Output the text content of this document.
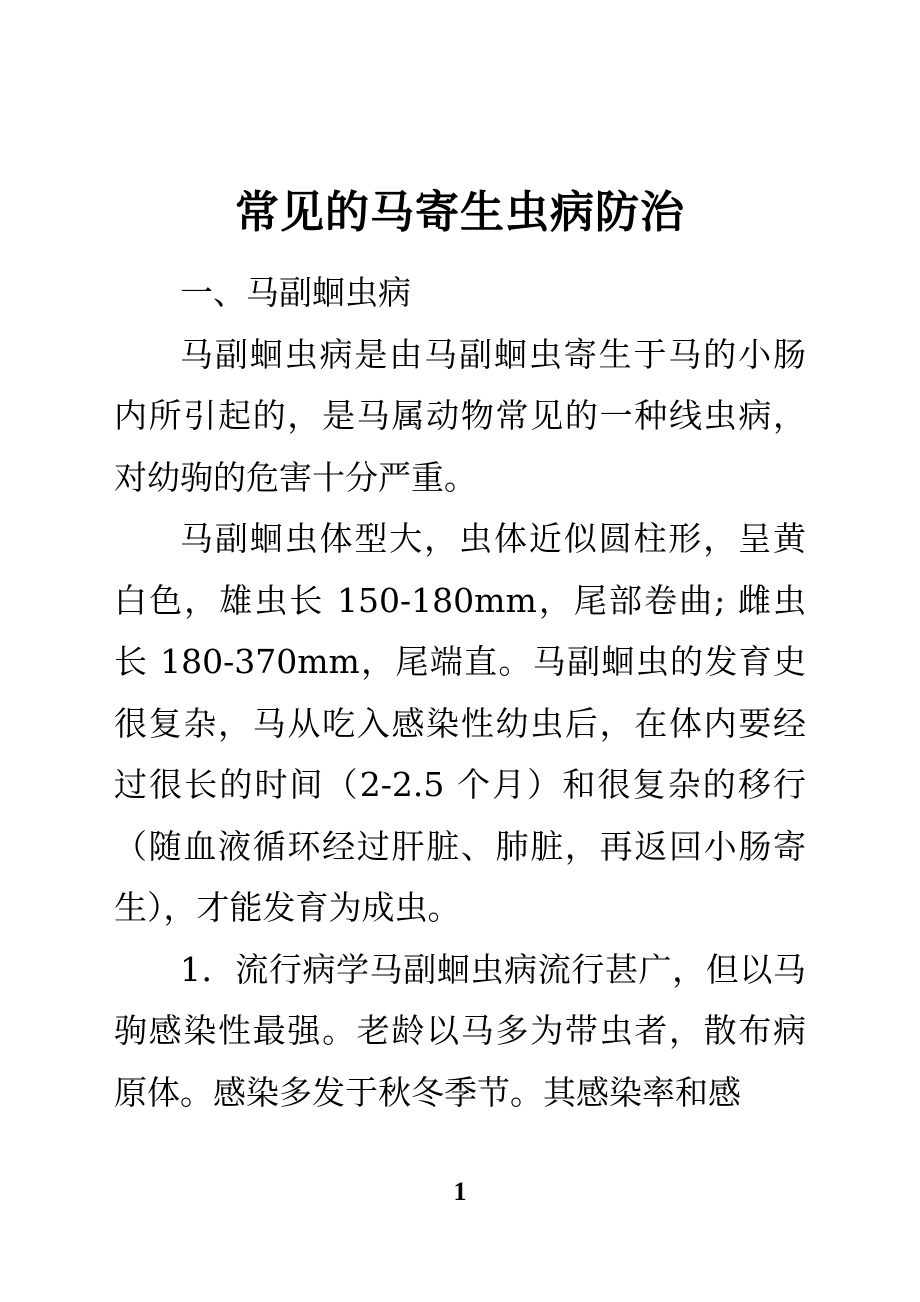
常见的马寄生虫病防治

一、马副蛔虫病

马副蛔虫病是由马副蛔虫寄生于马的小肠内所引起的，是马属动物常见的一种线虫病，对幼驹的危害十分严重。

马副蛔虫体型大，虫体近似圆柱形，呈黄白色，雄虫长 150-180mm，尾部卷曲; 雌虫长 180-370mm，尾端直。马副蛔虫的发育史很复杂，马从吃入感染性幼虫后，在体内要经过很长的时间（2-2.5 个月）和很复杂的移行（随血液循环经过肝脏、肺脏，再返回小肠寄生），才能发育为成虫。

1．流行病学马副蛔虫病流行甚广，但以马驹感染性最强。老龄以马多为带虫者，散布病原体。感染多发于秋冬季节。其感染率和感

1
